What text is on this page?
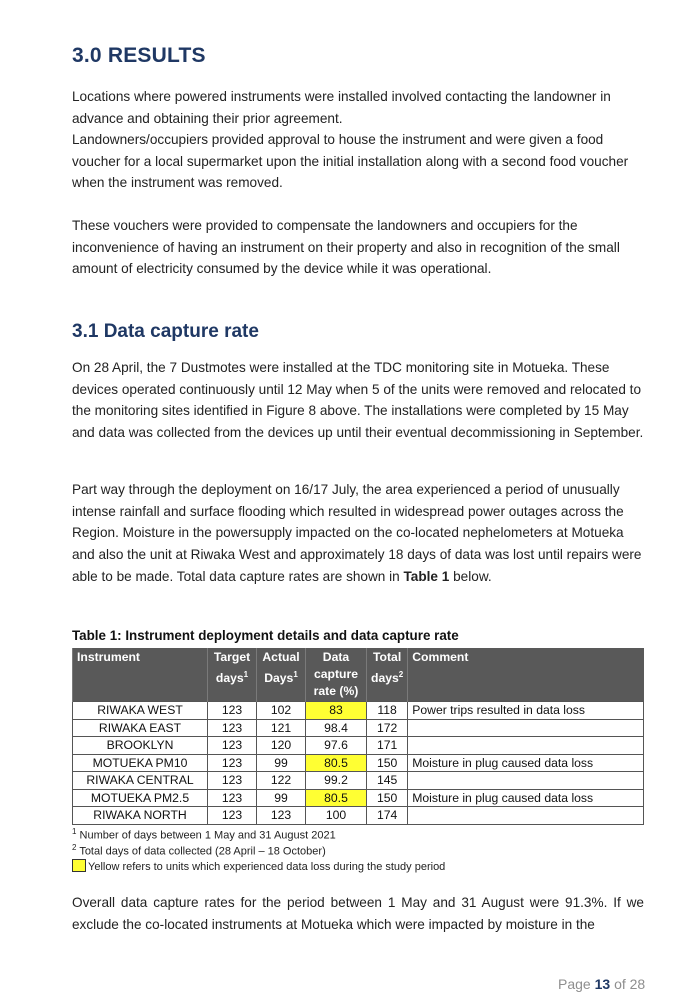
3.0 RESULTS

Locations where powered instruments were installed involved contacting the landowner in advance and obtaining their prior agreement.

Landowners/occupiers provided approval to house the instrument and were given a food voucher for a local supermarket upon the initial installation along with a second food voucher when the instrument was removed.

These vouchers were provided to compensate the landowners and occupiers for the inconvenience of having an instrument on their property and also in recognition of the small amount of electricity consumed by the device while it was operational.

3.1 Data capture rate

On 28 April, the 7 Dustmotes were installed at the TDC monitoring site in Motueka. These devices operated continuously until 12 May when 5 of the units were removed and relocated to the monitoring sites identified in Figure 8 above. The installations were completed by 15 May and data was collected from the devices up until their eventual decommissioning in September.

Part way through the deployment on 16/17 July, the area experienced a period of unusually intense rainfall and surface flooding which resulted in widespread power outages across the Region. Moisture in the powersupply impacted on the co-located nephelometers at Motueka and also the unit at Riwaka West and approximately 18 days of data was lost until repairs were able to be made. Total data capture rates are shown in Table 1 below.

Table 1: Instrument deployment details and data capture rate

Instrument	Target days$^1$	Actual Days$^1$	Data capture rate (%)	Total days$^2$	Comment
RIWAKA WEST	123	102	83	118	Power trips resulted in data loss
RIWAKA EAST	123	121	98.4	172	
BROOKLYN	123	120	97.6	171	
MOTUEKA PM10	123	99	80.5	150	Moisture in plug caused data loss
RIWAKA CENTRAL	123	122	99.2	145	
MOTUEKA PM2.5	123	99	80.5	150	Moisture in plug caused data loss
RIWAKA NORTH	123	123	100	174	

$^1$ Number of days between 1 May and 31 August 2021

$^2$ Total days of data collected (28 April – 18 October)

Yellow refers to units which experienced data loss during the study period

Overall data capture rates for the period between 1 May and 31 August were 91.3%. If we exclude the co-located instruments at Motueka which were impacted by moisture in the

Page 13 of 28
